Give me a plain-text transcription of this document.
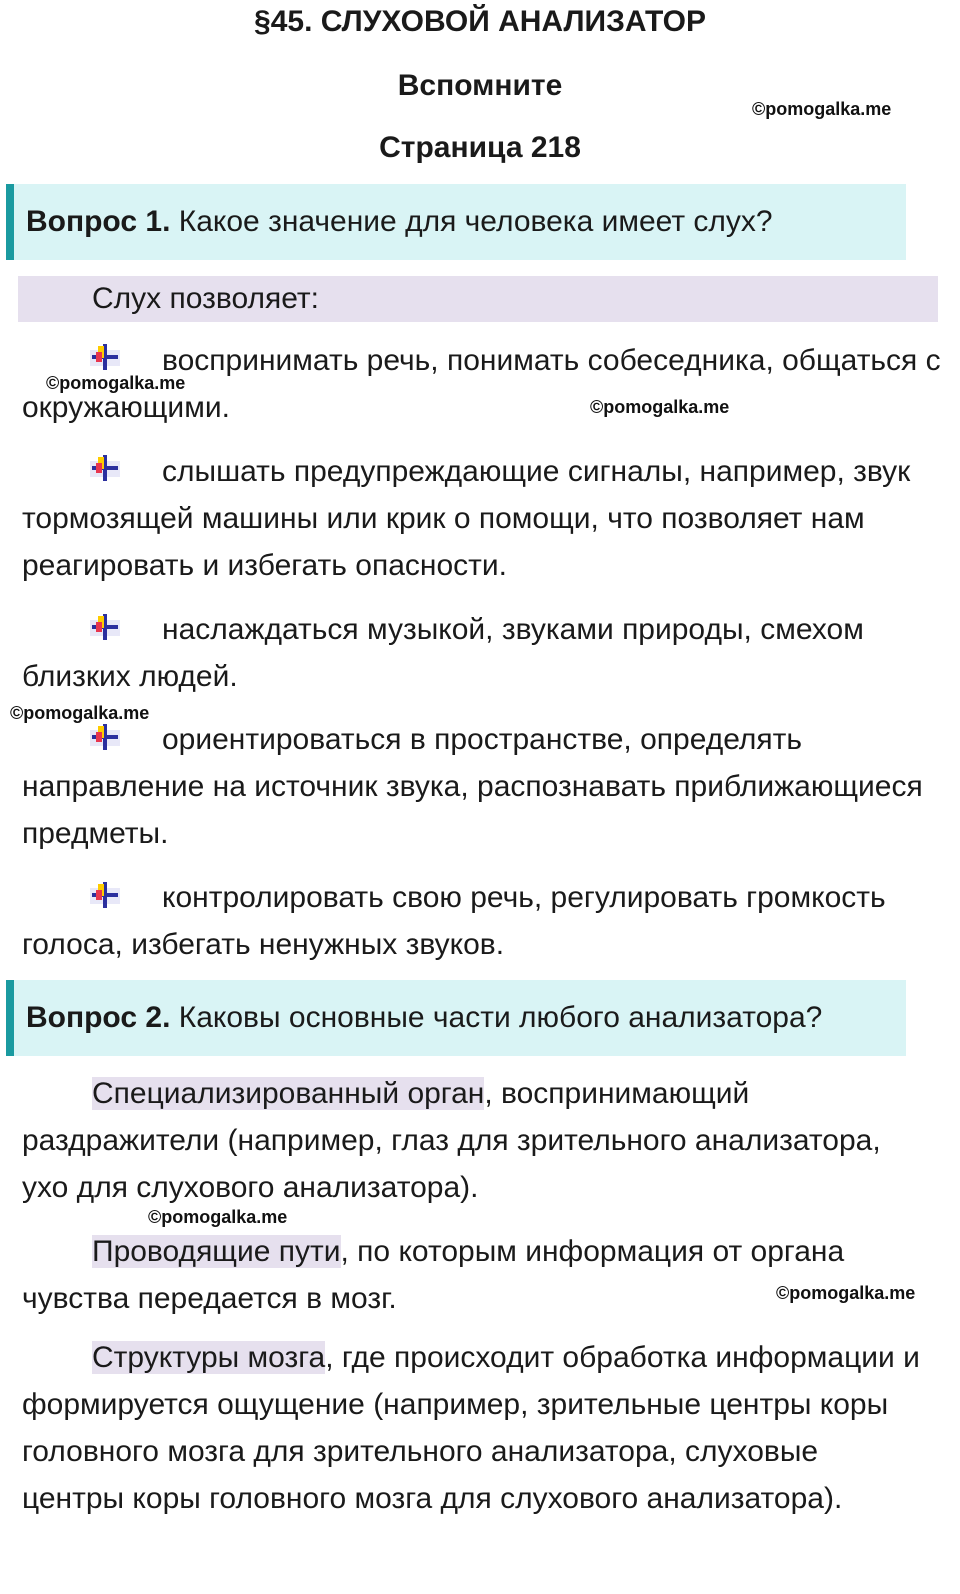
§45. СЛУХОВОЙ АНАЛИЗАТОР
Вспомните
Страница 218
©pomogalka.me
©pomogalka.me
©pomogalka.me
©pomogalka.me
©pomogalka.me
©pomogalka.me
Вопрос 1. Какое значение для человека имеет слух?
Слух позволяет:
воспринимать речь, понимать собеседника, общаться с окружающими.
слышать предупреждающие сигналы, например, звук тормозящей машины или крик о помощи, что позволяет нам реагировать и избегать опасности.
наслаждаться музыкой, звуками природы, смехом близких людей.
ориентироваться в пространстве, определять направление на источник звука, распознавать приближающиеся предметы.
контролировать свою речь, регулировать громкость голоса, избегать ненужных звуков.
Вопрос 2. Каковы основные части любого анализатора?
Специализированный орган, воспринимающий раздражители (например, глаз для зрительного анализатора, ухо для слухового анализатора).
Проводящие пути, по которым информация от органа чувства передается в мозг.
Структуры мозга, где происходит обработка информации и формируется ощущение (например, зрительные центры коры головного мозга для зрительного анализатора, слуховые центры коры головного мозга для слухового анализатора).
